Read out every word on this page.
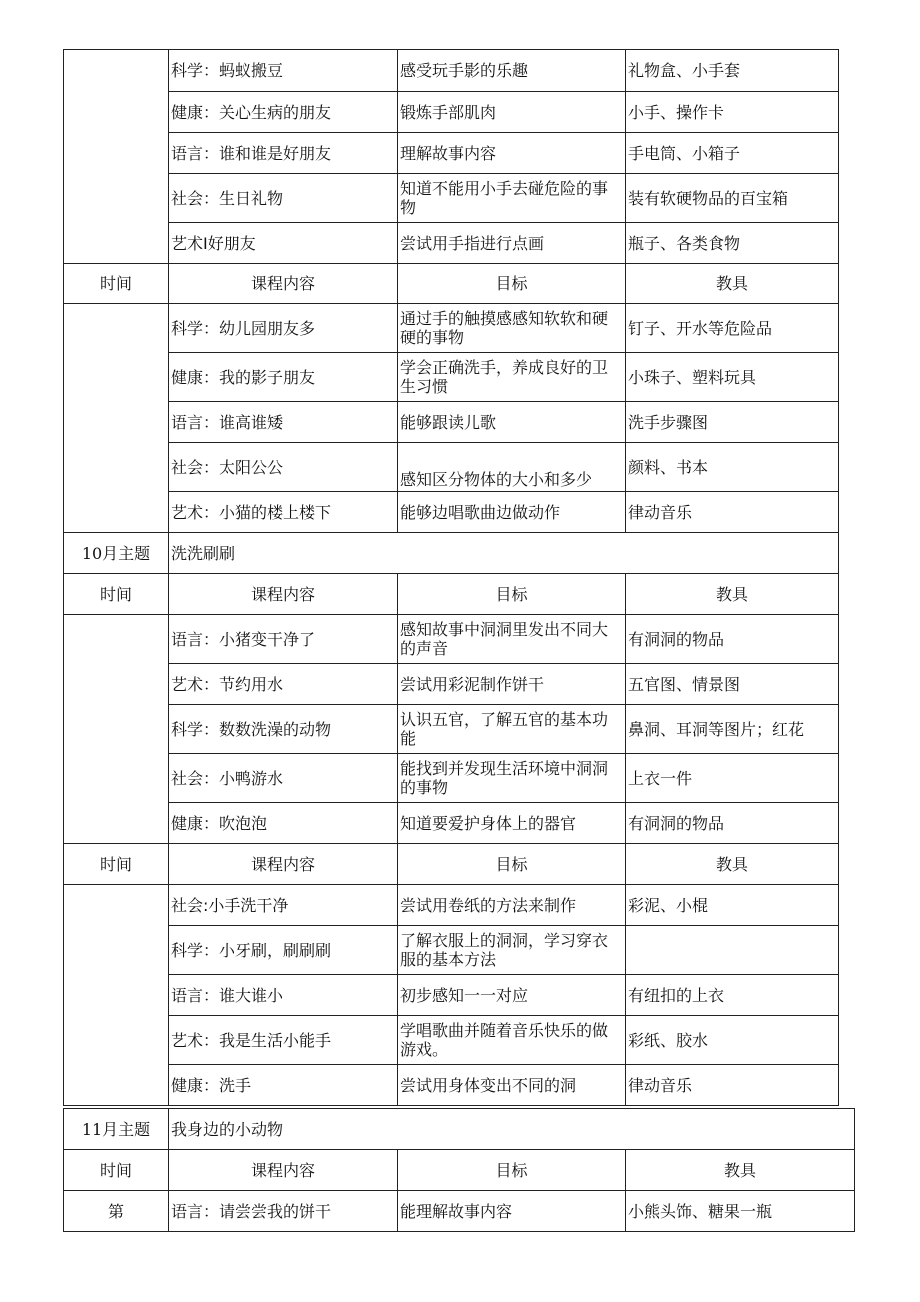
	科学：蚂蚁搬豆	感受玩手影的乐趣	礼物盒、小手套
	健康：关心生病的朋友	锻炼手部肌肉	小手、操作卡
	语言：谁和谁是好朋友	理解故事内容	手电筒、小箱子
	社会：生日礼物	知道不能用小手去碰危险的事物	装有软硬物品的百宝箱
	艺术Ⅰ好朋友	尝试用手指进行点画	瓶子、各类食物
时间	课程内容	目标	教具
	科学：幼儿园朋友多	通过手的触摸感感知软软和硬硬的事物	钉子、开水等危险品
	健康：我的影子朋友	学会正确洗手，养成良好的卫生习惯	小珠子、塑料玩具
	语言：谁高谁矮	能够跟读儿歌	洗手步骤图
	社会：太阳公公	感知区分物体的大小和多少	颜料、书本
	艺术：小猫的楼上楼下	能够边唱歌曲边做动作	律动音乐
10月主题	洗洗刷刷		
时间	课程内容	目标	教具
	语言：小猪变干净了	感知故事中洞洞里发出不同大的声音	有洞洞的物品
	艺术：节约用水	尝试用彩泥制作饼干	五官图、情景图
	科学：数数洗澡的动物	认识五官，了解五官的基本功能	鼻洞、耳洞等图片；红花
	社会：小鸭游水	能找到并发现生活环境中洞洞的事物	上衣一件
	健康：吹泡泡	知道要爱护身体上的器官	有洞洞的物品
时间	课程内容	目标	教具
	社会:小手洗干净	尝试用卷纸的方法来制作	彩泥、小棍
	科学：小牙刷，刷刷刷	了解衣服上的洞洞，学习穿衣服的基本方法	
	语言：谁大谁小	初步感知一一对应	有纽扣的上衣
	艺术：我是生活小能手	学唱歌曲并随着音乐快乐的做游戏。	彩纸、胶水
	健康：洗手	尝试用身体变出不同的洞	律动音乐
11月主题	我身边的小动物		
时间	课程内容	目标	教具
第	语言：请尝尝我的饼干	能理解故事内容	小熊头饰、糖果一瓶
